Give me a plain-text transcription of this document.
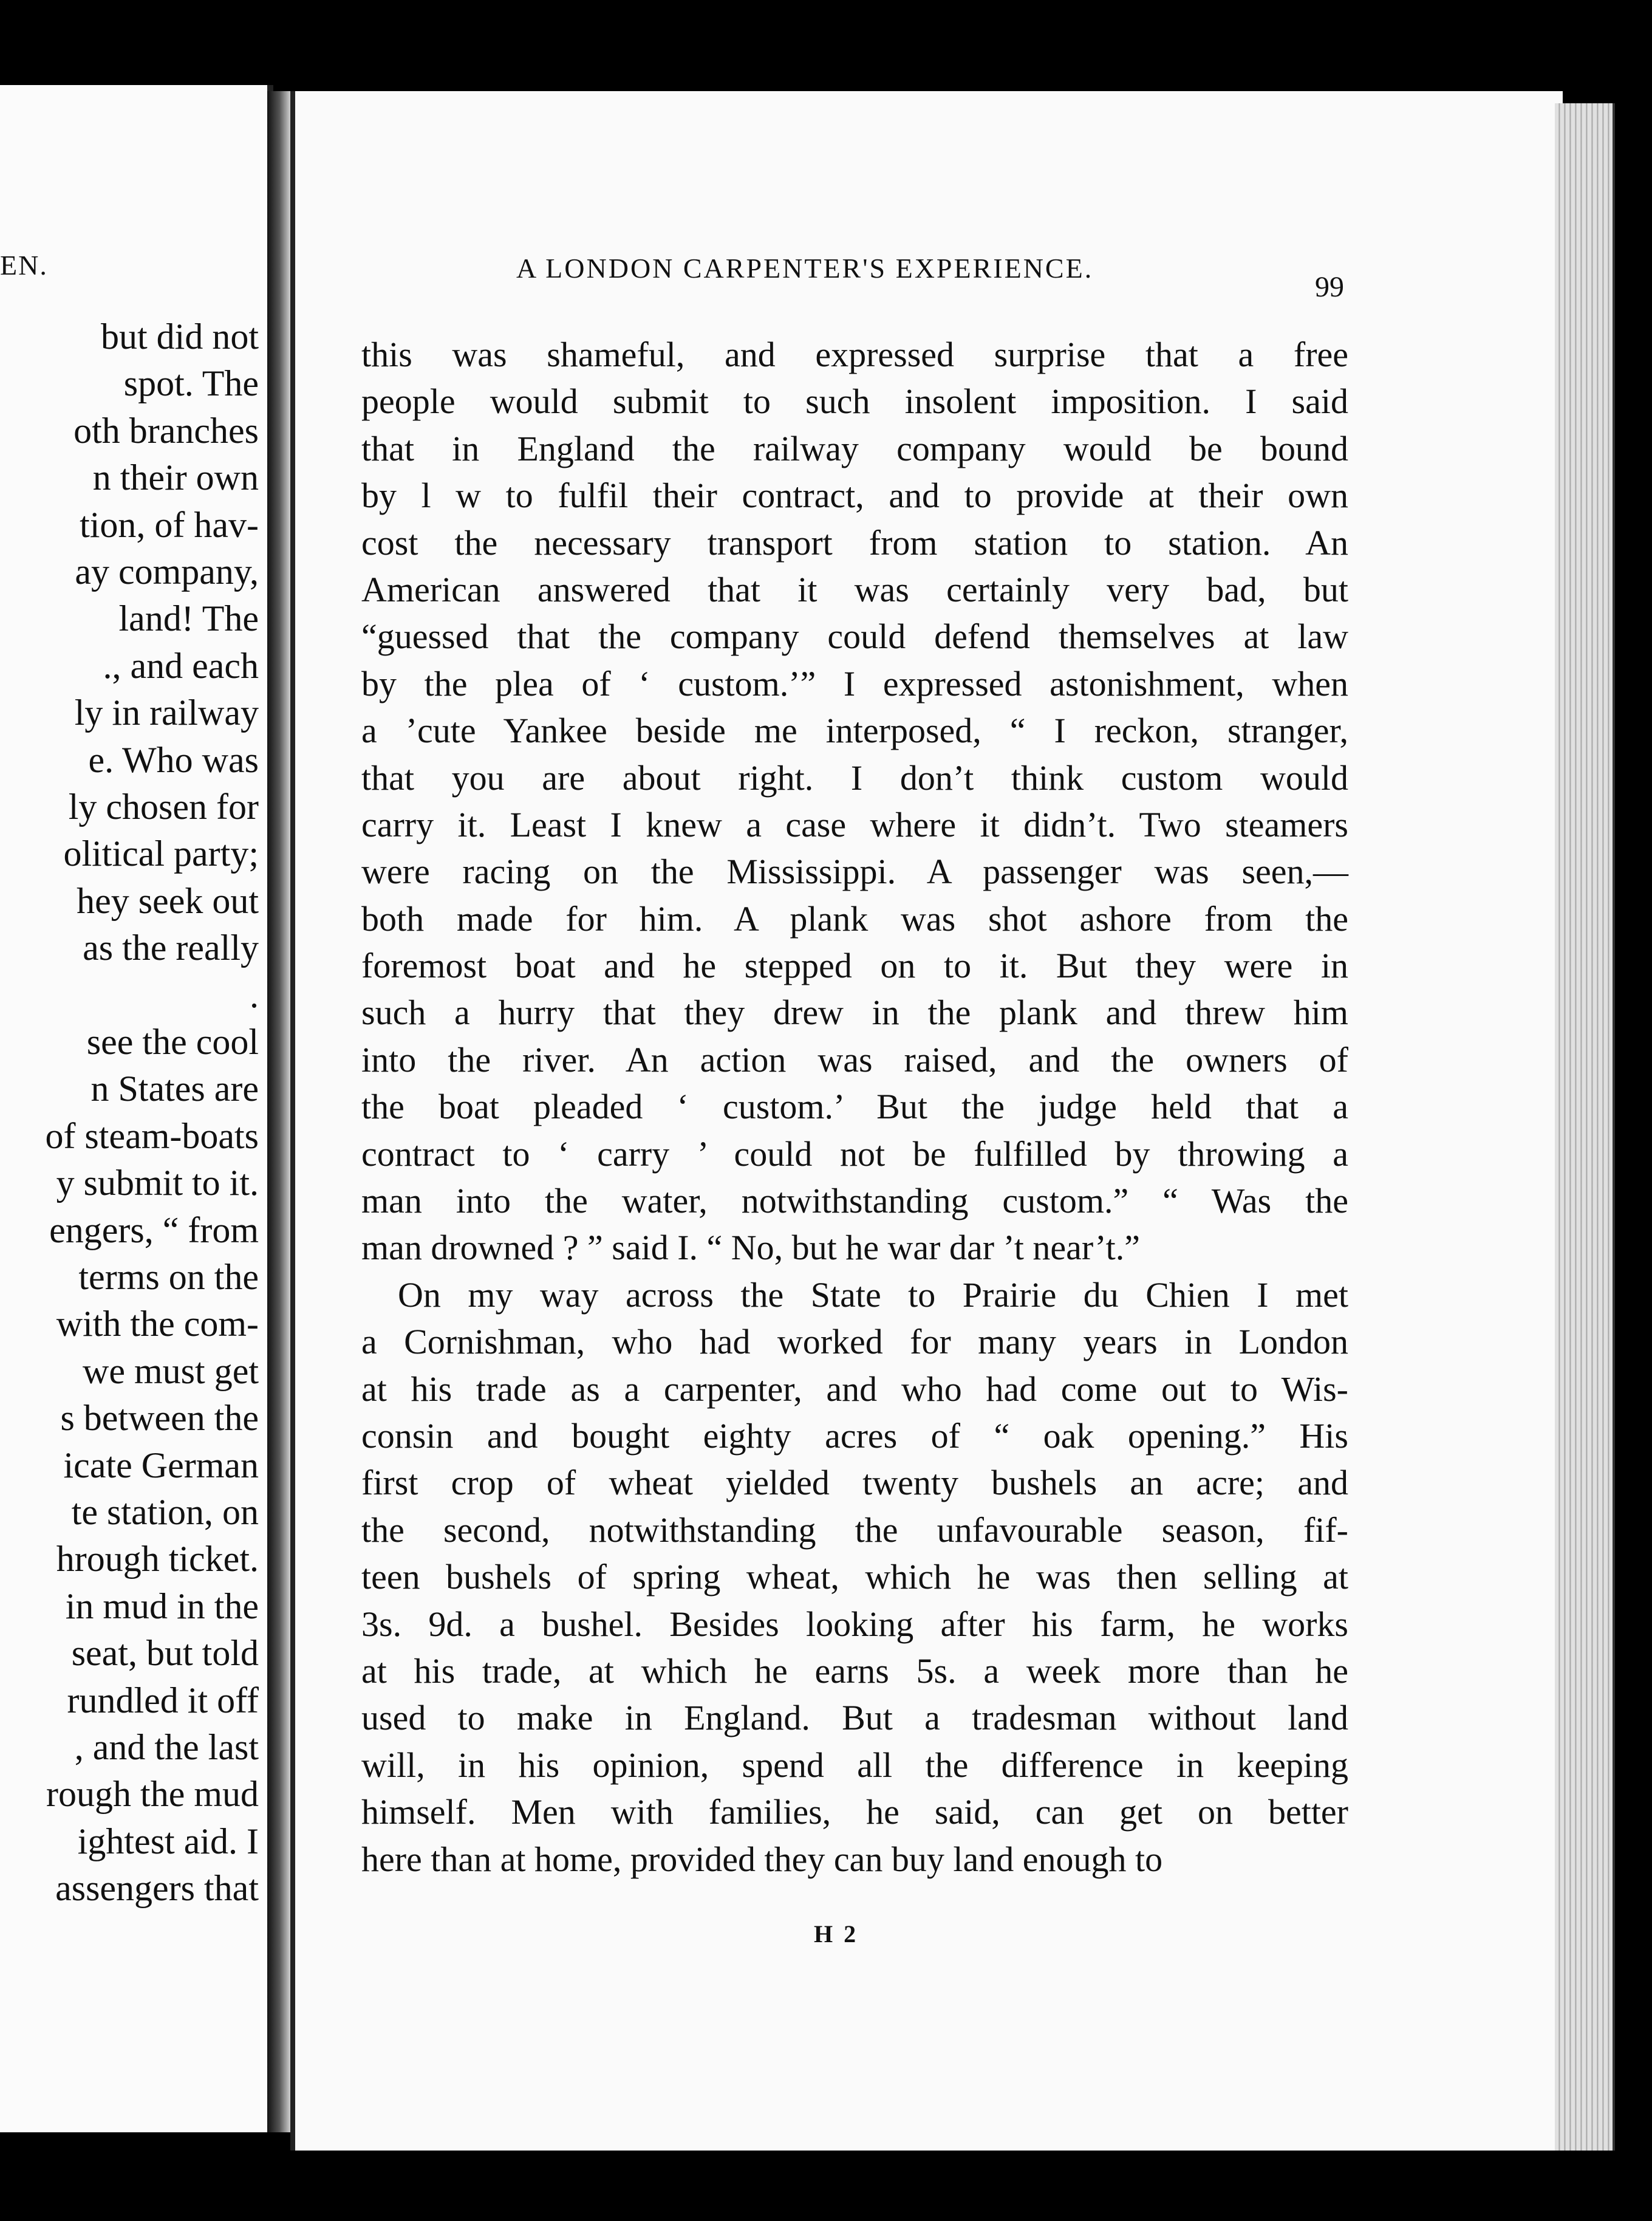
EN.
but did not
spot. The
oth branches
n their own
tion, of hav-
ay company,
land! The
., and each
ly in railway
e. Who was
ly chosen for
olitical party;
hey seek out
as the really
.
see the cool
n States are
of steam-boats
y submit to it.
engers, “ from
terms on the
with the com-
we must get
s between the
icate German
te station, on
hrough ticket.
in mud in the
seat, but told
rundled it off
, and the last
rough the mud
ightest aid. I
assengers that
A LONDON CARPENTER'S EXPERIENCE.
99
this was shameful, and expressed surprise that a free
people would submit to such insolent imposition. I said
that in England the railway company would be bound
by l w to fulfil their contract, and to provide at their own
cost the necessary transport from station to station. An
American answered that it was certainly very bad, but
“guessed that the company could defend themselves at law
by the plea of ‘ custom.’” I expressed astonishment, when
a ’cute Yankee beside me interposed, “ I reckon, stranger,
that you are about right. I don’t think custom would
carry it. Least I knew a case where it didn’t. Two steamers
were racing on the Mississippi. A passenger was seen,—
both made for him. A plank was shot ashore from the
foremost boat and he stepped on to it. But they were in
such a hurry that they drew in the plank and threw him
into the river. An action was raised, and the owners of
the boat pleaded ‘ custom.’ But the judge held that a
contract to ‘ carry ’ could not be fulfilled by throwing a
man into the water, notwithstanding custom.” “ Was the
man drowned ? ” said I. “ No, but he war dar ’t near’t.”
On my way across the State to Prairie du Chien I met
a Cornishman, who had worked for many years in London
at his trade as a carpenter, and who had come out to Wis-
consin and bought eighty acres of “ oak opening.” His
first crop of wheat yielded twenty bushels an acre; and
the second, notwithstanding the unfavourable season, fif-
teen bushels of spring wheat, which he was then selling at
3s. 9d. a bushel. Besides looking after his farm, he works
at his trade, at which he earns 5s. a week more than he
used to make in England. But a tradesman without land
will, in his opinion, spend all the difference in keeping
himself. Men with families, he said, can get on better
here than at home, provided they can buy land enough to
H 2
